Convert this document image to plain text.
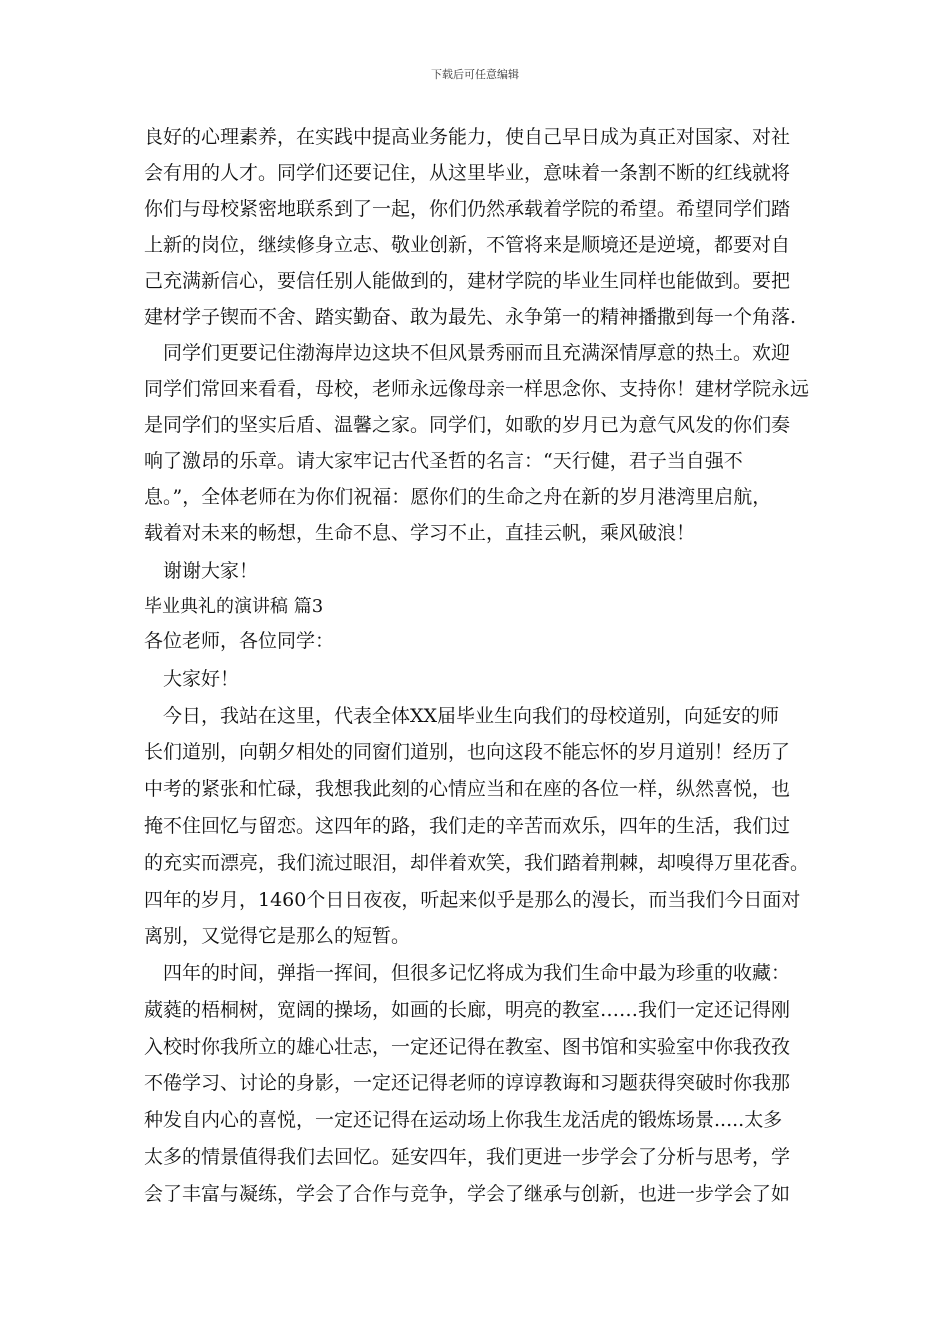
下载后可任意编辑
良好的心理素养，在实践中提高业务能力，使自己早日成为真正对国家、对社
会有用的人才。同学们还要记住，从这里毕业，意味着一条割不断的红线就将
你们与母校紧密地联系到了一起，你们仍然承载着学院的希望。希望同学们踏
上新的岗位，继续修身立志、敬业创新，不管将来是顺境还是逆境，都要对自
己充满新信心，要信任别人能做到的，建材学院的毕业生同样也能做到。要把
建材学子锲而不舍、踏实勤奋、敢为最先、永争第一的精神播撒到每一个角落.
　同学们更要记住渤海岸边这块不但风景秀丽而且充满深情厚意的热土。欢迎
同学们常回来看看，母校，老师永远像母亲一样思念你、支持你！建材学院永远
是同学们的坚实后盾、温馨之家。同学们，如歌的岁月已为意气风发的你们奏
响了激昂的乐章。请大家牢记古代圣哲的名言：“天行健，君子当自强不
息。”，全体老师在为你们祝福：愿你们的生命之舟在新的岁月港湾里启航，
载着对未来的畅想，生命不息、学习不止，直挂云帆，乘风破浪！
　谢谢大家！
毕业典礼的演讲稿 篇3
各位老师，各位同学：
　大家好！
　今日，我站在这里，代表全体XX届毕业生向我们的母校道别，向延安的师
长们道别，向朝夕相处的同窗们道别，也向这段不能忘怀的岁月道别！经历了
中考的紧张和忙碌，我想我此刻的心情应当和在座的各位一样，纵然喜悦，也
掩不住回忆与留恋。这四年的路，我们走的辛苦而欢乐，四年的生活，我们过
的充实而漂亮，我们流过眼泪，却伴着欢笑，我们踏着荆棘，却嗅得万里花香。
四年的岁月，1460个日日夜夜，听起来似乎是那么的漫长，而当我们今日面对
离别，又觉得它是那么的短暂。
　四年的时间，弹指一挥间，但很多记忆将成为我们生命中最为珍重的收藏：
葳蕤的梧桐树，宽阔的操场，如画的长廊，明亮的教室……我们一定还记得刚
入校时你我所立的雄心壮志，一定还记得在教室、图书馆和实验室中你我孜孜
不倦学习、讨论的身影，一定还记得老师的谆谆教诲和习题获得突破时你我那
种发自内心的喜悦，一定还记得在运动场上你我生龙活虎的锻炼场景.....太多
太多的情景值得我们去回忆。延安四年，我们更进一步学会了分析与思考，学
会了丰富与凝练，学会了合作与竞争，学会了继承与创新，也进一步学会了如
